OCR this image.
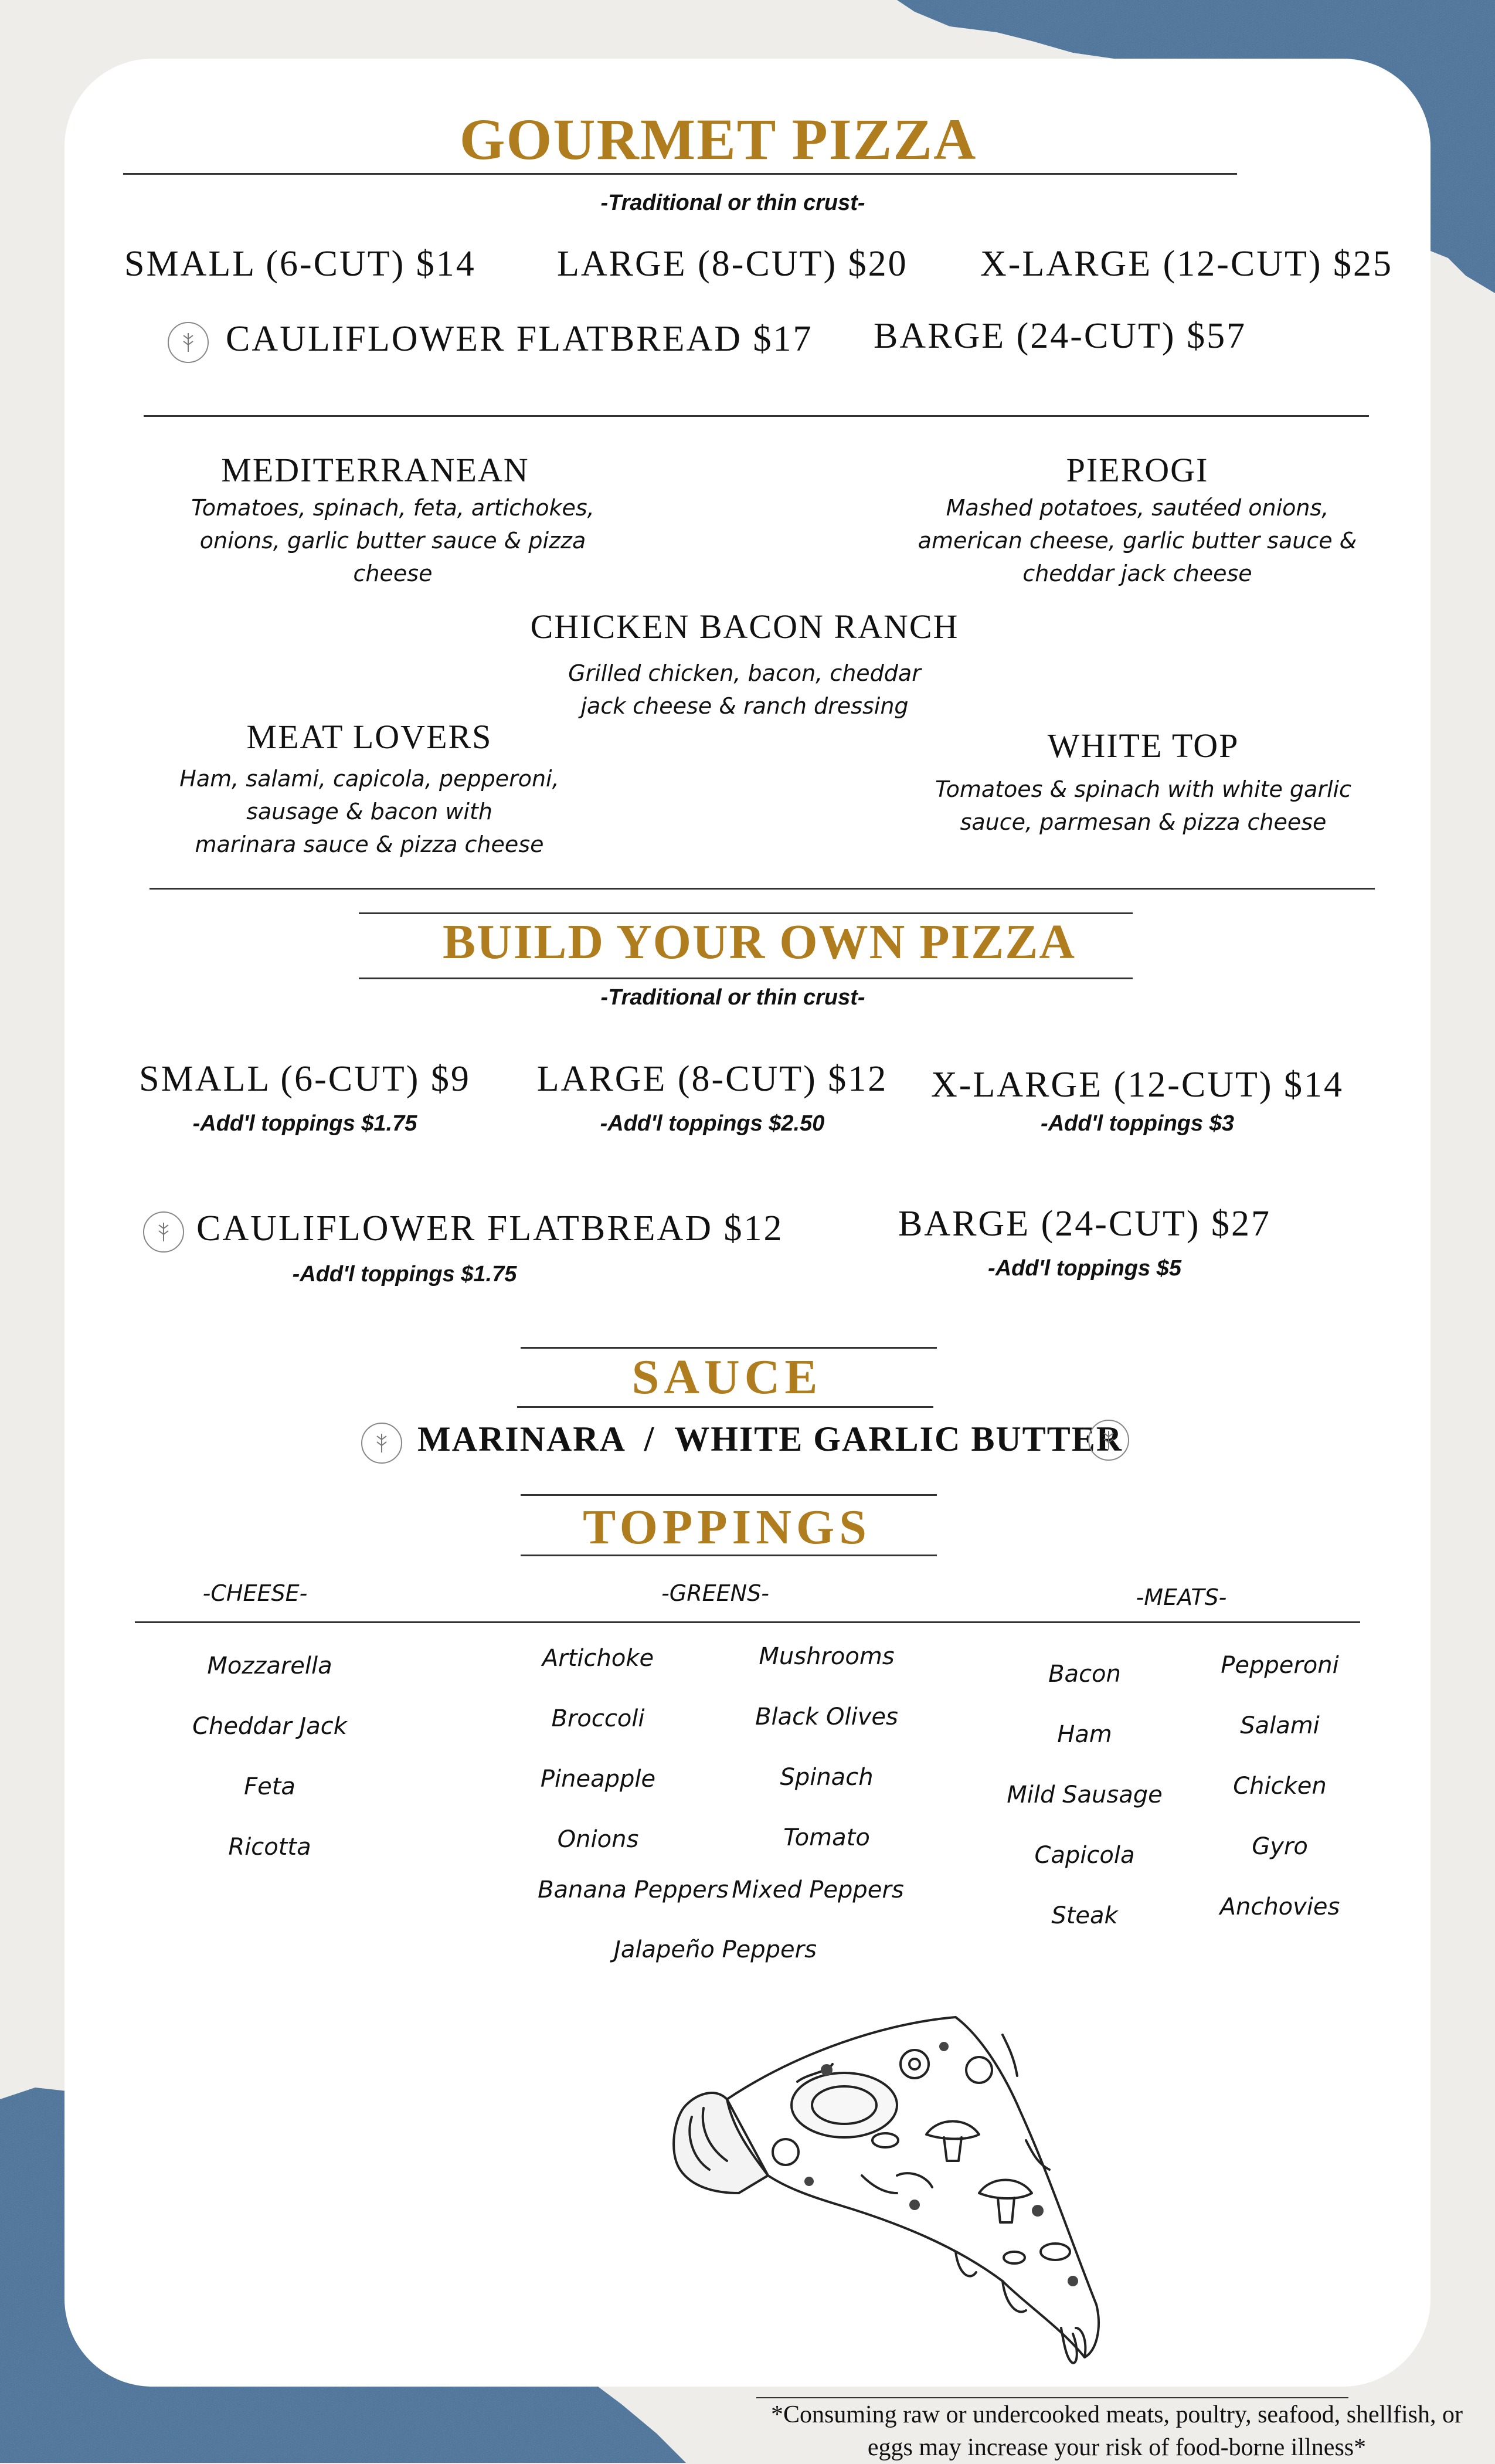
GOURMET PIZZA
-Traditional or thin crust-
SMALL (6-CUT) $14 LARGE (8-CUT) $20 X-LARGE (12-CUT) $25
CAULIFLOWER FLATBREAD $17 BARGE (24-CUT) $57
MEDITERRANEAN
Tomatoes, spinach, feta, artichokes,
onions, garlic butter sauce & pizza
cheese
PIEROGI
Mashed potatoes, sautéed onions,
american cheese, garlic butter sauce &
cheddar jack cheese
CHICKEN BACON RANCH
Grilled chicken, bacon, cheddar
jack cheese & ranch dressing
MEAT LOVERS
Ham, salami, capicola, pepperoni,
sausage & bacon with
marinara sauce & pizza cheese
WHITE TOP
Tomatoes & spinach with white garlic
sauce, parmesan & pizza cheese
BUILD YOUR OWN PIZZA
-Traditional or thin crust-
SMALL (6-CUT) $9
-Add'l toppings $1.75
LARGE (8-CUT) $12
-Add'l toppings $2.50
X-LARGE (12-CUT) $14
-Add'l toppings $3
CAULIFLOWER FLATBREAD $12
-Add'l toppings $1.75
BARGE (24-CUT) $27
-Add'l toppings $5
SAUCE
MARINARA  /  WHITE GARLIC BUTTER
TOPPINGS
-CHEESE-	-GREENS-	-MEATS-
Mozzarella
Cheddar Jack
Feta
Ricotta
Artichoke
Broccoli
Pineapple
Onions
Banana Peppers
Mushrooms
Black Olives
Spinach
Tomato
Mixed Peppers
Jalapeño Peppers
Bacon
Ham
Mild Sausage
Capicola
Steak
Pepperoni
Salami
Chicken
Gyro
Anchovies
*Consuming raw or undercooked meats, poultry, seafood, shellfish, or
eggs may increase your risk of food-borne illness*
